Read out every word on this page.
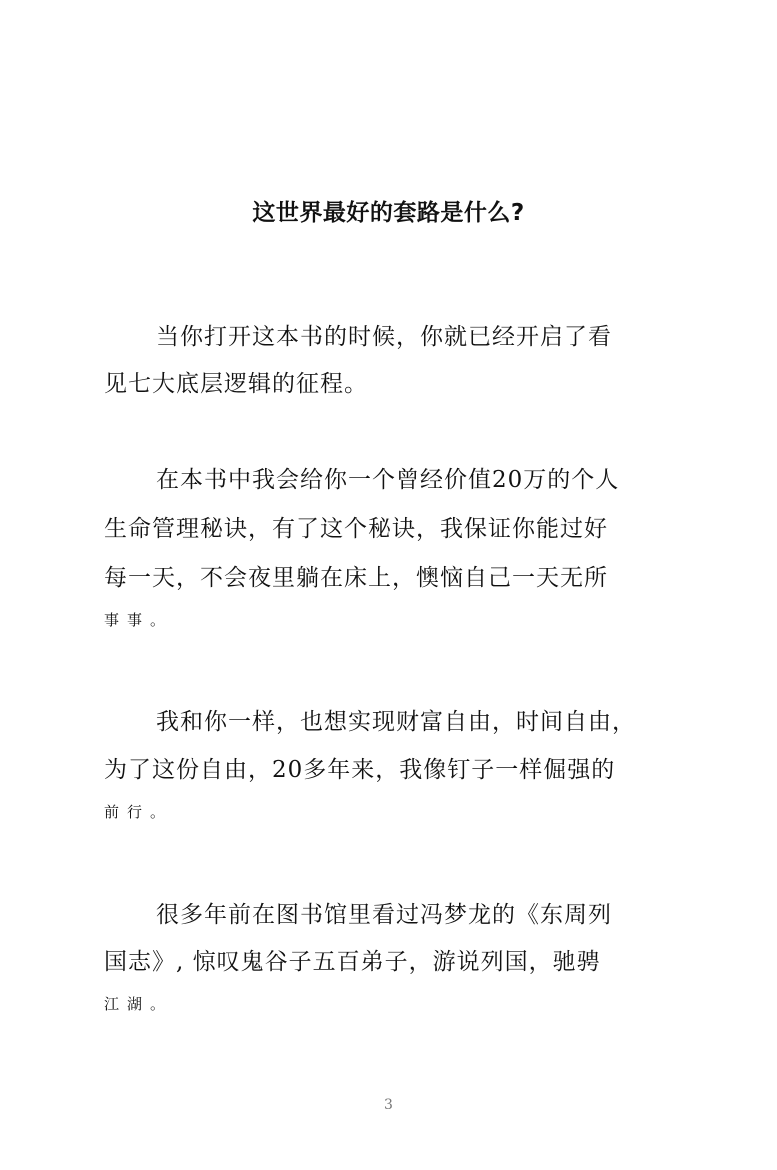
这世界最好的套路是什么?
当你打开这本书的时候，你就已经开启了看
见七大底层逻辑的征程。
在本书中我会给你一个曾经价值20万的个人
生命管理秘诀，有了这个秘诀，我保证你能过好
每一天，不会夜里躺在床上，懊恼自己一天无所
事事。
我和你一样，也想实现财富自由，时间自由，
为了这份自由，20多年来，我像钉子一样倔强的
前行。
很多年前在图书馆里看过冯梦龙的《东周列
国志》, 惊叹鬼谷子五百弟子，游说列国，驰骋
江湖。
3
